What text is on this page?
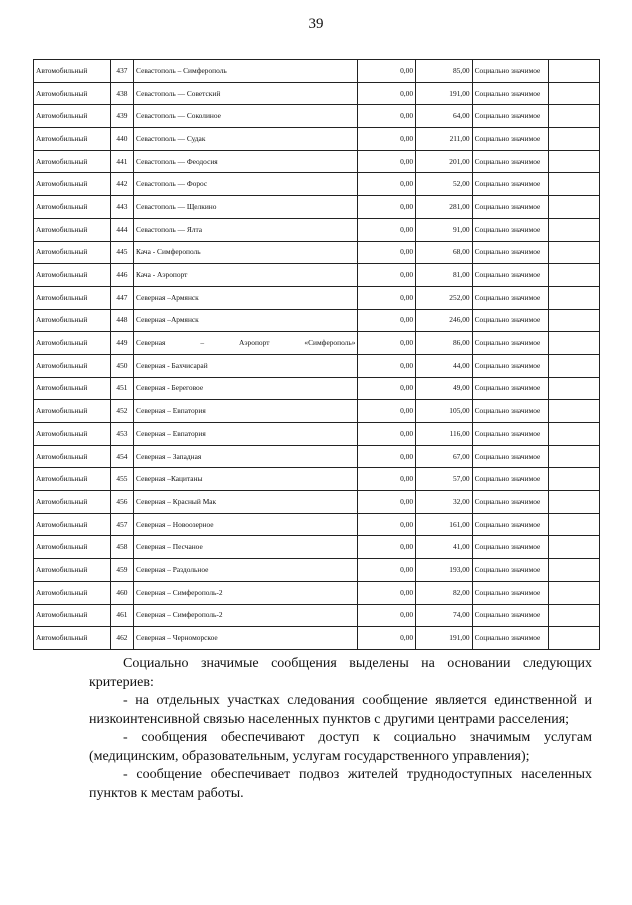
39
Автомобильный	437	Севастополь – Симферополь	0,00	85,00	Социально значимое	
Автомобильный	438	Севастополь — Советский	0,00	191,00	Социально значимое	
Автомобильный	439	Севастополь — Соколиное	0,00	64,00	Социально значимое	
Автомобильный	440	Севастополь — Судак	0,00	211,00	Социально значимое	
Автомобильный	441	Севастополь — Феодосия	0,00	201,00	Социально значимое	
Автомобильный	442	Севастополь — Форос	0,00	52,00	Социально значимое	
Автомобильный	443	Севастополь — Щелкино	0,00	281,00	Социально значимое	
Автомобильный	444	Севастополь — Ялта	0,00	91,00	Социально значимое	
Автомобильный	445	Кача - Симферополь	0,00	68,00	Социально значимое	
Автомобильный	446	Кача - Аэропорт	0,00	81,00	Социально значимое	
Автомобильный	447	Северная –Армянск	0,00	252,00	Социально значимое	
Автомобильный	448	Северная –Армянск	0,00	246,00	Социально значимое	
Автомобильный	449	Северная – Аэропорт «Симферополь»	0,00	86,00	Социально значимое	
Автомобильный	450	Северная - Бахчисарай	0,00	44,00	Социально значимое	
Автомобильный	451	Северная - Береговое	0,00	49,00	Социально значимое	
Автомобильный	452	Северная – Евпатория	0,00	105,00	Социально значимое	
Автомобильный	453	Северная – Евпатория	0,00	116,00	Социально значимое	
Автомобильный	454	Северная – Западная	0,00	67,00	Социально значимое	
Автомобильный	455	Северная –Кацитаны	0,00	57,00	Социально значимое	
Автомобильный	456	Северная – Красный Мак	0,00	32,00	Социально значимое	
Автомобильный	457	Северная – Новоозерное	0,00	161,00	Социально значимое	
Автомобильный	458	Северная – Песчаное	0,00	41,00	Социально значимое	
Автомобильный	459	Северная – Раздольное	0,00	193,00	Социально значимое	
Автомобильный	460	Северная – Симферополь-2	0,00	82,00	Социально значимое	
Автомобильный	461	Северная – Симферополь-2	0,00	74,00	Социально значимое	
Автомобильный	462	Северная – Черноморское	0,00	191,00	Социально значимое	

Социально значимые сообщения выделены на основании следующих критериев:

- на отдельных участках следования сообщение является единственной и низкоинтенсивной связью населенных пунктов с другими центрами расселения;

- сообщения обеспечивают доступ к социально значимым услугам (медицинским, образовательным, услугам государственного управления);

- сообщение обеспечивает подвоз жителей труднодоступных населенных пунктов к местам работы.
